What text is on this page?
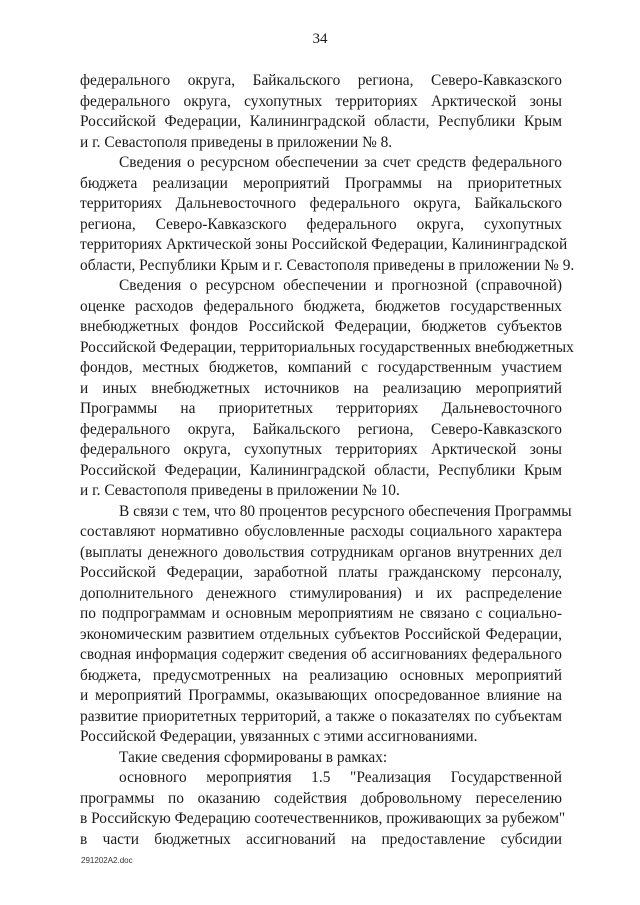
34
федерального округа, Байкальского региона, Северо-Кавказского
федерального округа, сухопутных территориях Арктической зоны
Российской Федерации, Калининградской области, Республики Крым
и г. Севастополя приведены в приложении № 8.
Сведения о ресурсном обеспечении за счет средств федерального
бюджета реализации мероприятий Программы на приоритетных
территориях Дальневосточного федерального округа, Байкальского
региона, Северо-Кавказского федерального округа, сухопутных
территориях Арктической зоны Российской Федерации, Калининградской
области, Республики Крым и г. Севастополя приведены в приложении № 9.
Сведения о ресурсном обеспечении и прогнозной (справочной)
оценке расходов федерального бюджета, бюджетов государственных
внебюджетных фондов Российской Федерации, бюджетов субъектов
Российской Федерации, территориальных государственных внебюджетных
фондов, местных бюджетов, компаний с государственным участием
и иных внебюджетных источников на реализацию мероприятий
Программы на приоритетных территориях Дальневосточного
федерального округа, Байкальского региона, Северо-Кавказского
федерального округа, сухопутных территориях Арктической зоны
Российской Федерации, Калининградской области, Республики Крым
и г. Севастополя приведены в приложении № 10.
В связи с тем, что 80 процентов ресурсного обеспечения Программы
составляют нормативно обусловленные расходы социального характера
(выплаты денежного довольствия сотрудникам органов внутренних дел
Российской Федерации, заработной платы гражданскому персоналу,
дополнительного денежного стимулирования) и их распределение
по подпрограммам и основным мероприятиям не связано с социально-
экономическим развитием отдельных субъектов Российской Федерации,
сводная информация содержит сведения об ассигнованиях федерального
бюджета, предусмотренных на реализацию основных мероприятий
и мероприятий Программы, оказывающих опосредованное влияние на
развитие приоритетных территорий, а также о показателях по субъектам
Российской Федерации, увязанных с этими ассигнованиями.
Такие сведения сформированы в рамках:
основного мероприятия 1.5 "Реализация Государственной
программы по оказанию содействия добровольному переселению
в Российскую Федерацию соотечественников, проживающих за рубежом"
в части бюджетных ассигнований на предоставление субсидии
291202A2.doc
